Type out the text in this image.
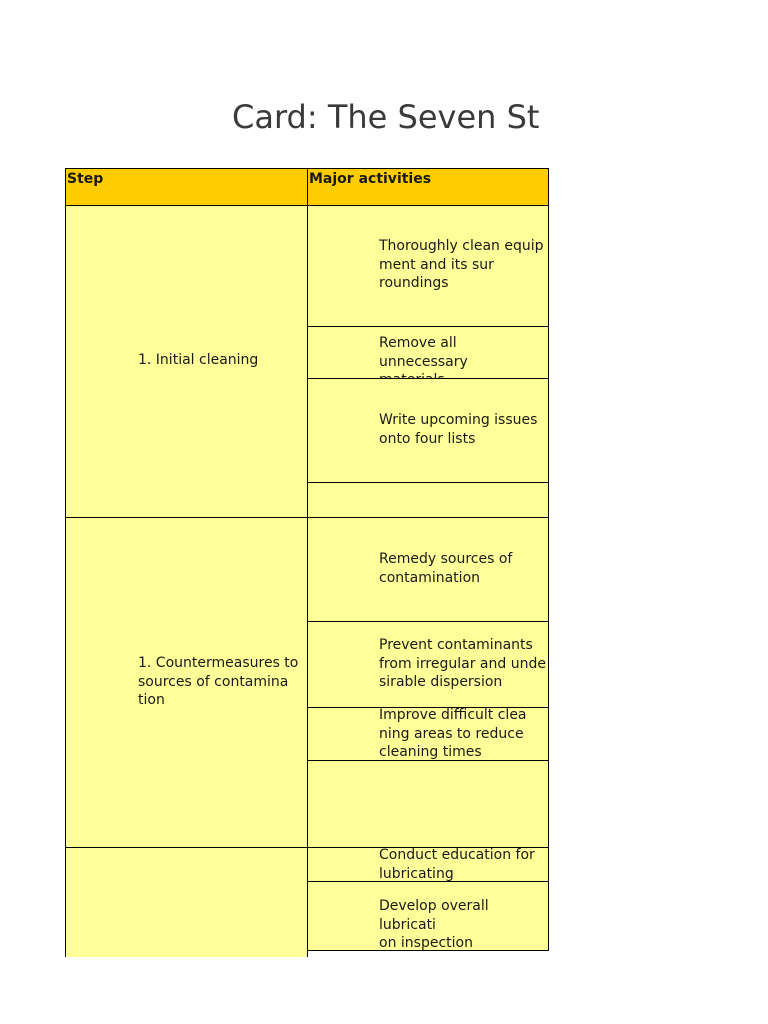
Card: The Seven St
Step	Major activities
1. Initial cleaning
1. Countermeasures to
sources of contamina
tion
Thoroughly clean equip
ment and its sur
roundings
Remove all unnecessary
Write upcoming issues
onto four lists
Remedy sources of
contamination
Prevent contaminants
from irregular and unde
sirable dispersion
Improve difficult clea
ning areas to reduce
cleaning times
Conduct education for
lubricating
Develop overall lubricati
on inspection
